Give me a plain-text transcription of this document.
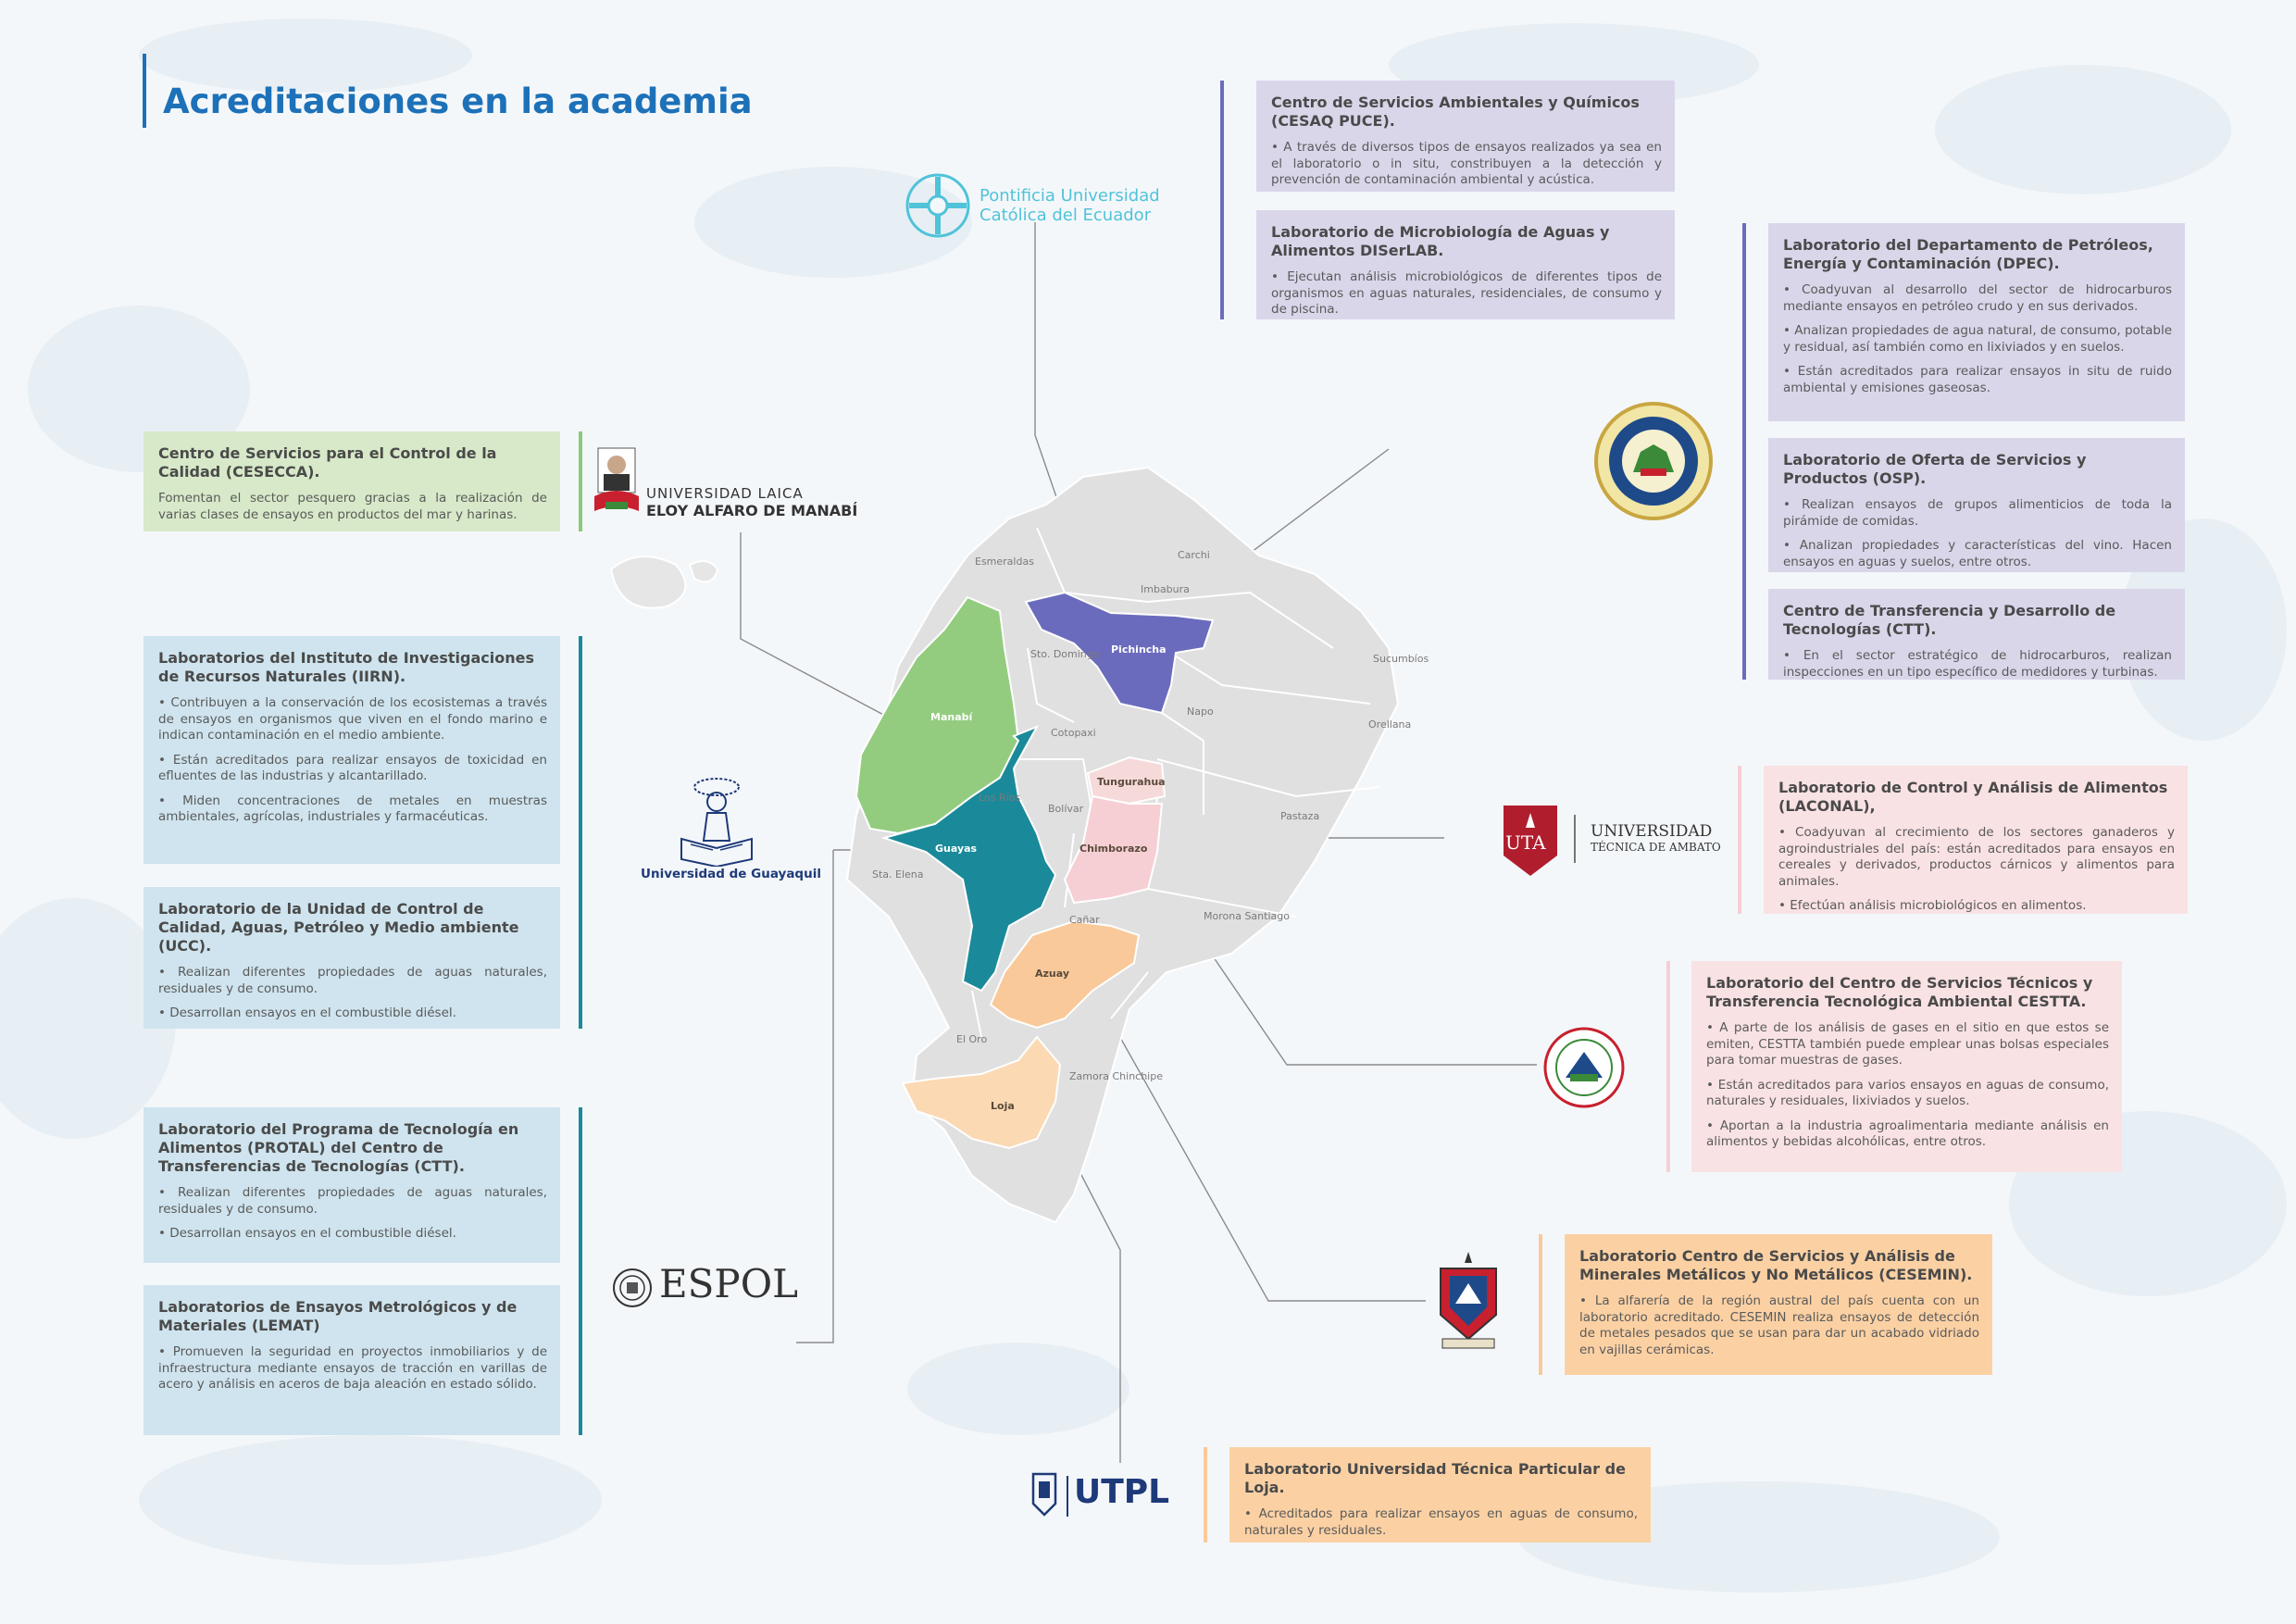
Acreditaciones en la academia
Esmeraldas
Carchi
Imbabura
Pichincha
Sto. Domingo
Manabí
Sucumbíos
Napo
Orellana
Cotopaxi
Los Ríos
Bolívar
Tungurahua
Pastaza
Guayas	Chimborazo
Sta. Elena
Cañar	Morona Santiago
Azuay
El Oro
Zamora Chinchipe
Loja
Centro de Servicios para el Control de la Calidad (CESECCA).

Fomentan el sector pesquero gracias a la realización de varias clases de ensayos en productos del mar y harinas.

Laboratorios del Instituto de Investigaciones de Recursos Naturales (IIRN).

• Contribuyen a la conservación de los ecosistemas a través de ensayos en organismos que viven en el fondo marino e indican contaminación en el medio ambiente.

• Están acreditados para realizar ensayos de toxicidad en efluentes de las industrias y alcantarillado.

• Miden concentraciones de metales en muestras ambientales, agrícolas, industriales y farmacéuticas.

Laboratorio de la Unidad de Control de Calidad, Aguas, Petróleo y Medio ambiente (UCC).

• Realizan diferentes propiedades de aguas naturales, residuales y de consumo.

• Desarrollan ensayos en el combustible diésel.

Laboratorio del Programa de Tecnología en Alimentos (PROTAL) del Centro de Transferencias de Tecnologías (CTT).

• Realizan diferentes propiedades de aguas naturales, residuales y de consumo.

• Desarrollan ensayos en el combustible diésel.

Laboratorios de Ensayos Metrológicos y de Materiales (LEMAT)

• Promueven la seguridad en proyectos inmobiliarios y de infraestructura mediante ensayos de tracción en varillas de acero y análisis en aceros de baja aleación en estado sólido.

Centro de Servicios Ambientales y Químicos (CESAQ PUCE).

• A través de diversos tipos de ensayos realizados ya sea en el laboratorio o in situ, constribuyen a la detección y prevención de contaminación ambiental y acústica.

Laboratorio de Microbiología de Aguas y Alimentos DISerLAB.

• Ejecutan análisis microbiológicos de diferentes tipos de organismos en aguas naturales, residenciales, de consumo y de piscina.

Laboratorio del Departamento de Petróleos, Energía y Contaminación (DPEC).

• Coadyuvan al desarrollo del sector de hidrocarburos mediante ensayos en petróleo crudo y en sus derivados.

• Analizan propiedades de agua natural, de consumo, potable y residual, así también como en lixiviados y en suelos.

• Están acreditados para realizar ensayos in situ de ruido ambiental y emisiones gaseosas.

Laboratorio de Oferta de Servicios y Productos (OSP).

• Realizan ensayos de grupos alimenticios de toda la pirámide de comidas.

• Analizan propiedades y características del vino. Hacen ensayos en aguas y suelos, entre otros.

Centro de Transferencia y Desarrollo de Tecnologías (CTT).

• En el sector estratégico de hidrocarburos, realizan inspecciones en un tipo específico de medidores y turbinas.

Laboratorio de Control y Análisis de Alimentos (LACONAL),

• Coadyuvan al crecimiento de los sectores ganaderos y agroindustriales del país: están acreditados para ensayos en cereales y derivados, productos cárnicos y alimentos para animales.

• Efectúan análisis microbiológicos en alimentos.

Laboratorio del Centro de Servicios Técnicos y Transferencia Tecnológica Ambiental CESTTA.

• A parte de los análisis de gases en el sitio en que estos se emiten, CESTTA también puede emplear unas bolsas especiales para tomar muestras de gases.

• Están acreditados para varios ensayos en aguas de consumo, naturales y residuales, lixiviados y suelos.

• Aportan a la industria agroalimentaria mediante análisis en alimentos y bebidas alcohólicas, entre otros.

Laboratorio Centro de Servicios y Análisis de Minerales Metálicos y No Metálicos (CESEMIN).

• La alfarería de la región austral del país cuenta con un laboratorio acreditado. CESEMIN realiza ensayos de detección de metales pesados que se usan para dar un acabado vidriado en vajillas cerámicas.

Laboratorio Universidad Técnica Particular de Loja.

• Acreditados para realizar ensayos en aguas de consumo, naturales y residuales.

Pontificia Universidad
Católica del Ecuador
UNIVERSIDAD LAICA
ELOY ALFARO DE MANABÍ
Universidad de Guayaquil
ESPOL
UTA	UNIVERSIDAD
TÉCNICA DE AMBATO
UTPL
